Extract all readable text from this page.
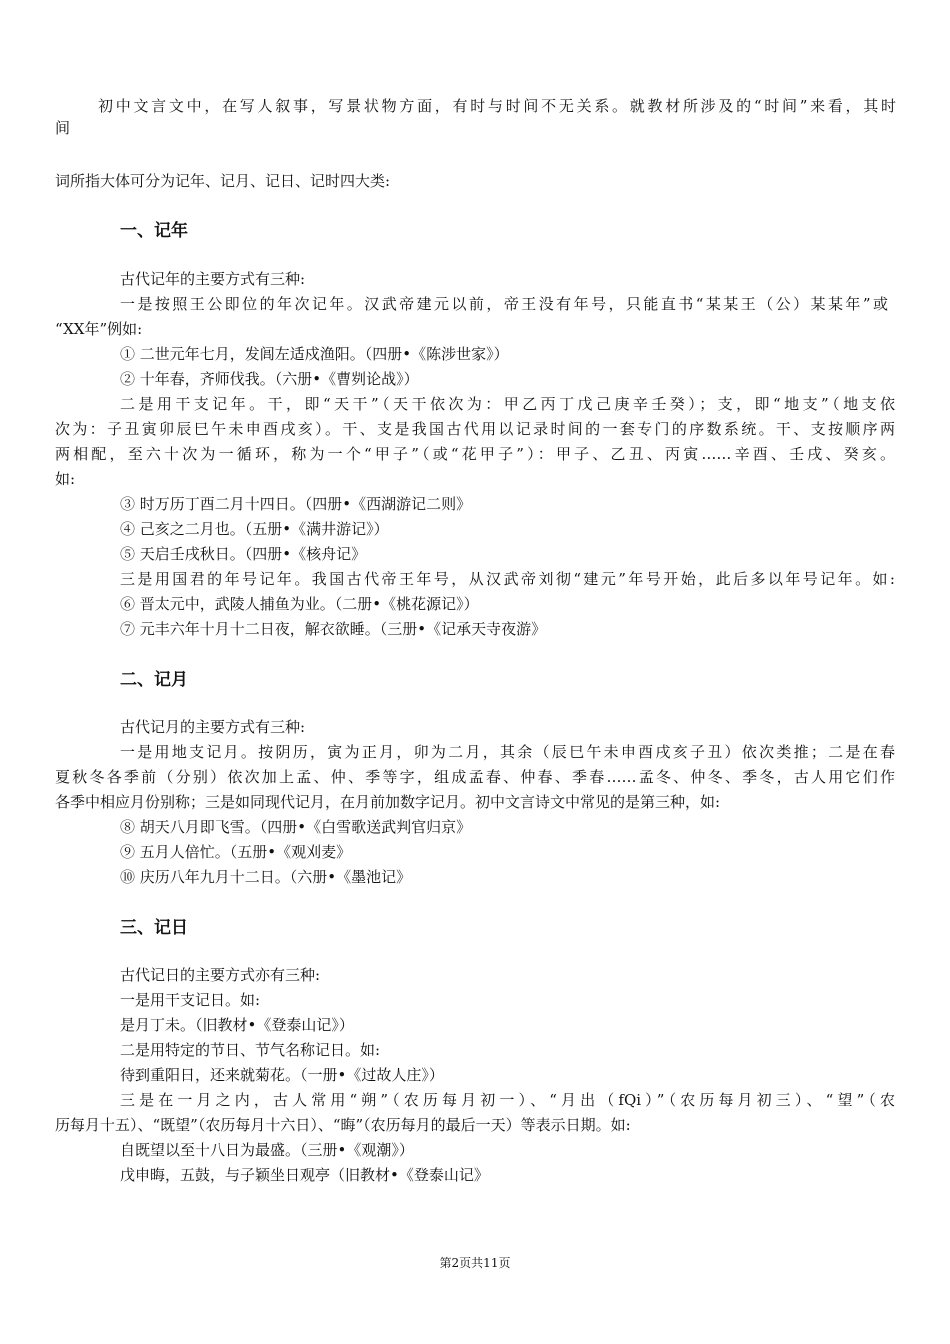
初中文言文中，在写人叙事，写景状物方面，有时与时间不无关系。就教材所涉及的“时间”来看，其时

间

词所指大体可分为记年、记月、记日、记时四大类:

一、记年

古代记年的主要方式有三种:

一是按照王公即位的年次记年。汉武帝建元以前，帝王没有年号，只能直书“某某王（公）某某年”或

“XX年”例如:

① 二世元年七月，发闾左适戍渔阳。（四册•《陈涉世家》）

② 十年春，齐师伐我。（六册•《曹刿论战》）

二是用干支记年。干，即“天干”（天干依次为：甲乙丙丁戊己庚辛壬癸）；支，即“地支”（地支依

次为：子丑寅卯辰巳午未申酉戌亥）。干、支是我国古代用以记录时间的一套专门的序数系统。干、支按顺序两

两相配，至六十次为一循环，称为一个“甲子”（或“花甲子”）：甲子、乙丑、丙寅……辛酉、壬戌、癸亥。

如:

③ 时万历丁酉二月十四日。（四册•《西湖游记二则》

④ 己亥之二月也。（五册•《满井游记》）

⑤ 天启壬戌秋日。（四册•《核舟记》

三是用国君的年号记年。我国古代帝王年号，从汉武帝刘彻“建元”年号开始，此后多以年号记年。如:

⑥ 晋太元中，武陵人捕鱼为业。（二册•《桃花源记》）

⑦ 元丰六年十月十二日夜，解衣欲睡。（三册•《记承天寺夜游》

二、记月

古代记月的主要方式有三种:

一是用地支记月。按阴历，寅为正月，卯为二月，其余（辰巳午未申酉戌亥子丑）依次类推；二是在春

夏秋冬各季前（分别）依次加上孟、仲、季等字，组成孟春、仲春、季春……孟冬、仲冬、季冬，古人用它们作

各季中相应月份别称；三是如同现代记月，在月前加数字记月。初中文言诗文中常见的是第三种，如:

⑧ 胡天八月即飞雪。（四册•《白雪歌送武判官归京》

⑨ 五月人倍忙。（五册•《观刈麦》

⑩ 庆历八年九月十二日。（六册•《墨池记》

三、记日

古代记日的主要方式亦有三种:

一是用干支记日。如:

是月丁未。（旧教材•《登泰山记》）

二是用特定的节日、节气名称记日。如:

待到重阳日，还来就菊花。（一册•《过故人庄》）

三是在一月之内，古人常用“朔”（农历每月初一）、“月出（fQi）”（农历每月初三）、“望”（农

历每月十五）、“既望”（农历每月十六日）、“晦”（农历每月的最后一天）等表示日期。如:

自既望以至十八日为最盛。（三册•《观潮》）

戊申晦，五鼓，与子颖坐日观亭（旧教材•《登泰山记》

第2页共11页
